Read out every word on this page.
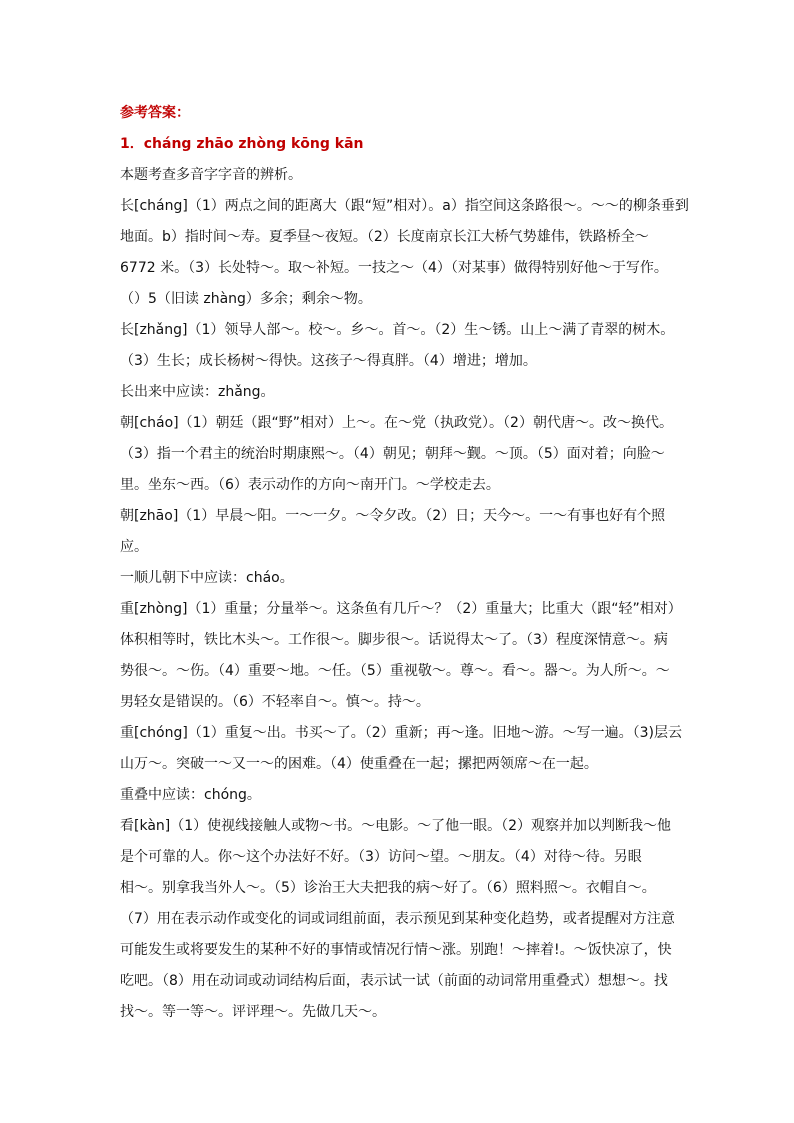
参考答案：
1．cháng zhāo zhòng kōng kān
本题考查多音字字音的辨析。
长[cháng]（1）两点之间的距离大（跟“短”相对）。a）指空间这条路很～。～～的柳条垂到
地面。b）指时间～寿。夏季昼～夜短。（2）长度南京长江大桥气势雄伟，铁路桥全～
6772 米。（3）长处特～。取～补短。一技之～（4）（对某事）做得特别好他～于写作。
（）5（旧读 zhàng）多余；剩余～物。
长[zhǎng]（1）领导人部～。校～。乡～。首～。（2）生～锈。山上～满了青翠的树木。
（3）生长；成长杨树～得快。这孩子～得真胖。（4）增进；增加。
长出来中应读：zhǎng。
朝[cháo]（1）朝廷（跟“野”相对）上～。在～党（执政党）。（2）朝代唐～。改～换代。
（3）指一个君主的统治时期康熙～。（4）朝见；朝拜～觐。～顶。（5）面对着；向脸～
里。坐东～西。（6）表示动作的方向～南开门。～学校走去。
朝[zhāo]（1）早晨～阳。一～一夕。～令夕改。（2）日；天今～。一～有事也好有个照
应。
一顺儿朝下中应读：cháo。
重[zhòng]（1）重量；分量举～。这条鱼有几斤～？（2）重量大；比重大（跟“轻”相对）
体积相等时，铁比木头～。工作很～。脚步很～。话说得太～了。（3）程度深情意～。病
势很～。～伤。（4）重要～地。～任。（5）重视敬～。尊～。看～。器～。为人所～。～
男轻女是错误的。（6）不轻率自～。慎～。持～。
重[chóng]（1）重复～出。书买～了。（2）重新；再～逢。旧地～游。～写一遍。（3)层云
山万～。突破一～又一～的困难。（4）使重叠在一起；摞把两领席～在一起。
重叠中应读：chóng。
看[kàn]（1）使视线接触人或物～书。～电影。～了他一眼。（2）观察并加以判断我～他
是个可靠的人。你～这个办法好不好。（3）访问～望。～朋友。（4）对待～待。另眼
相～。别拿我当外人～。（5）诊治王大夫把我的病～好了。（6）照料照～。衣帽自～。
（7）用在表示动作或变化的词或词组前面，表示预见到某种变化趋势，或者提醒对方注意
可能发生或将要发生的某种不好的事情或情况行情～涨。别跑！～摔着!。～饭快凉了，快
吃吧。（8）用在动词或动词结构后面，表示试一试（前面的动词常用重叠式）想想～。找
找～。等一等～。评评理～。先做几天～。
